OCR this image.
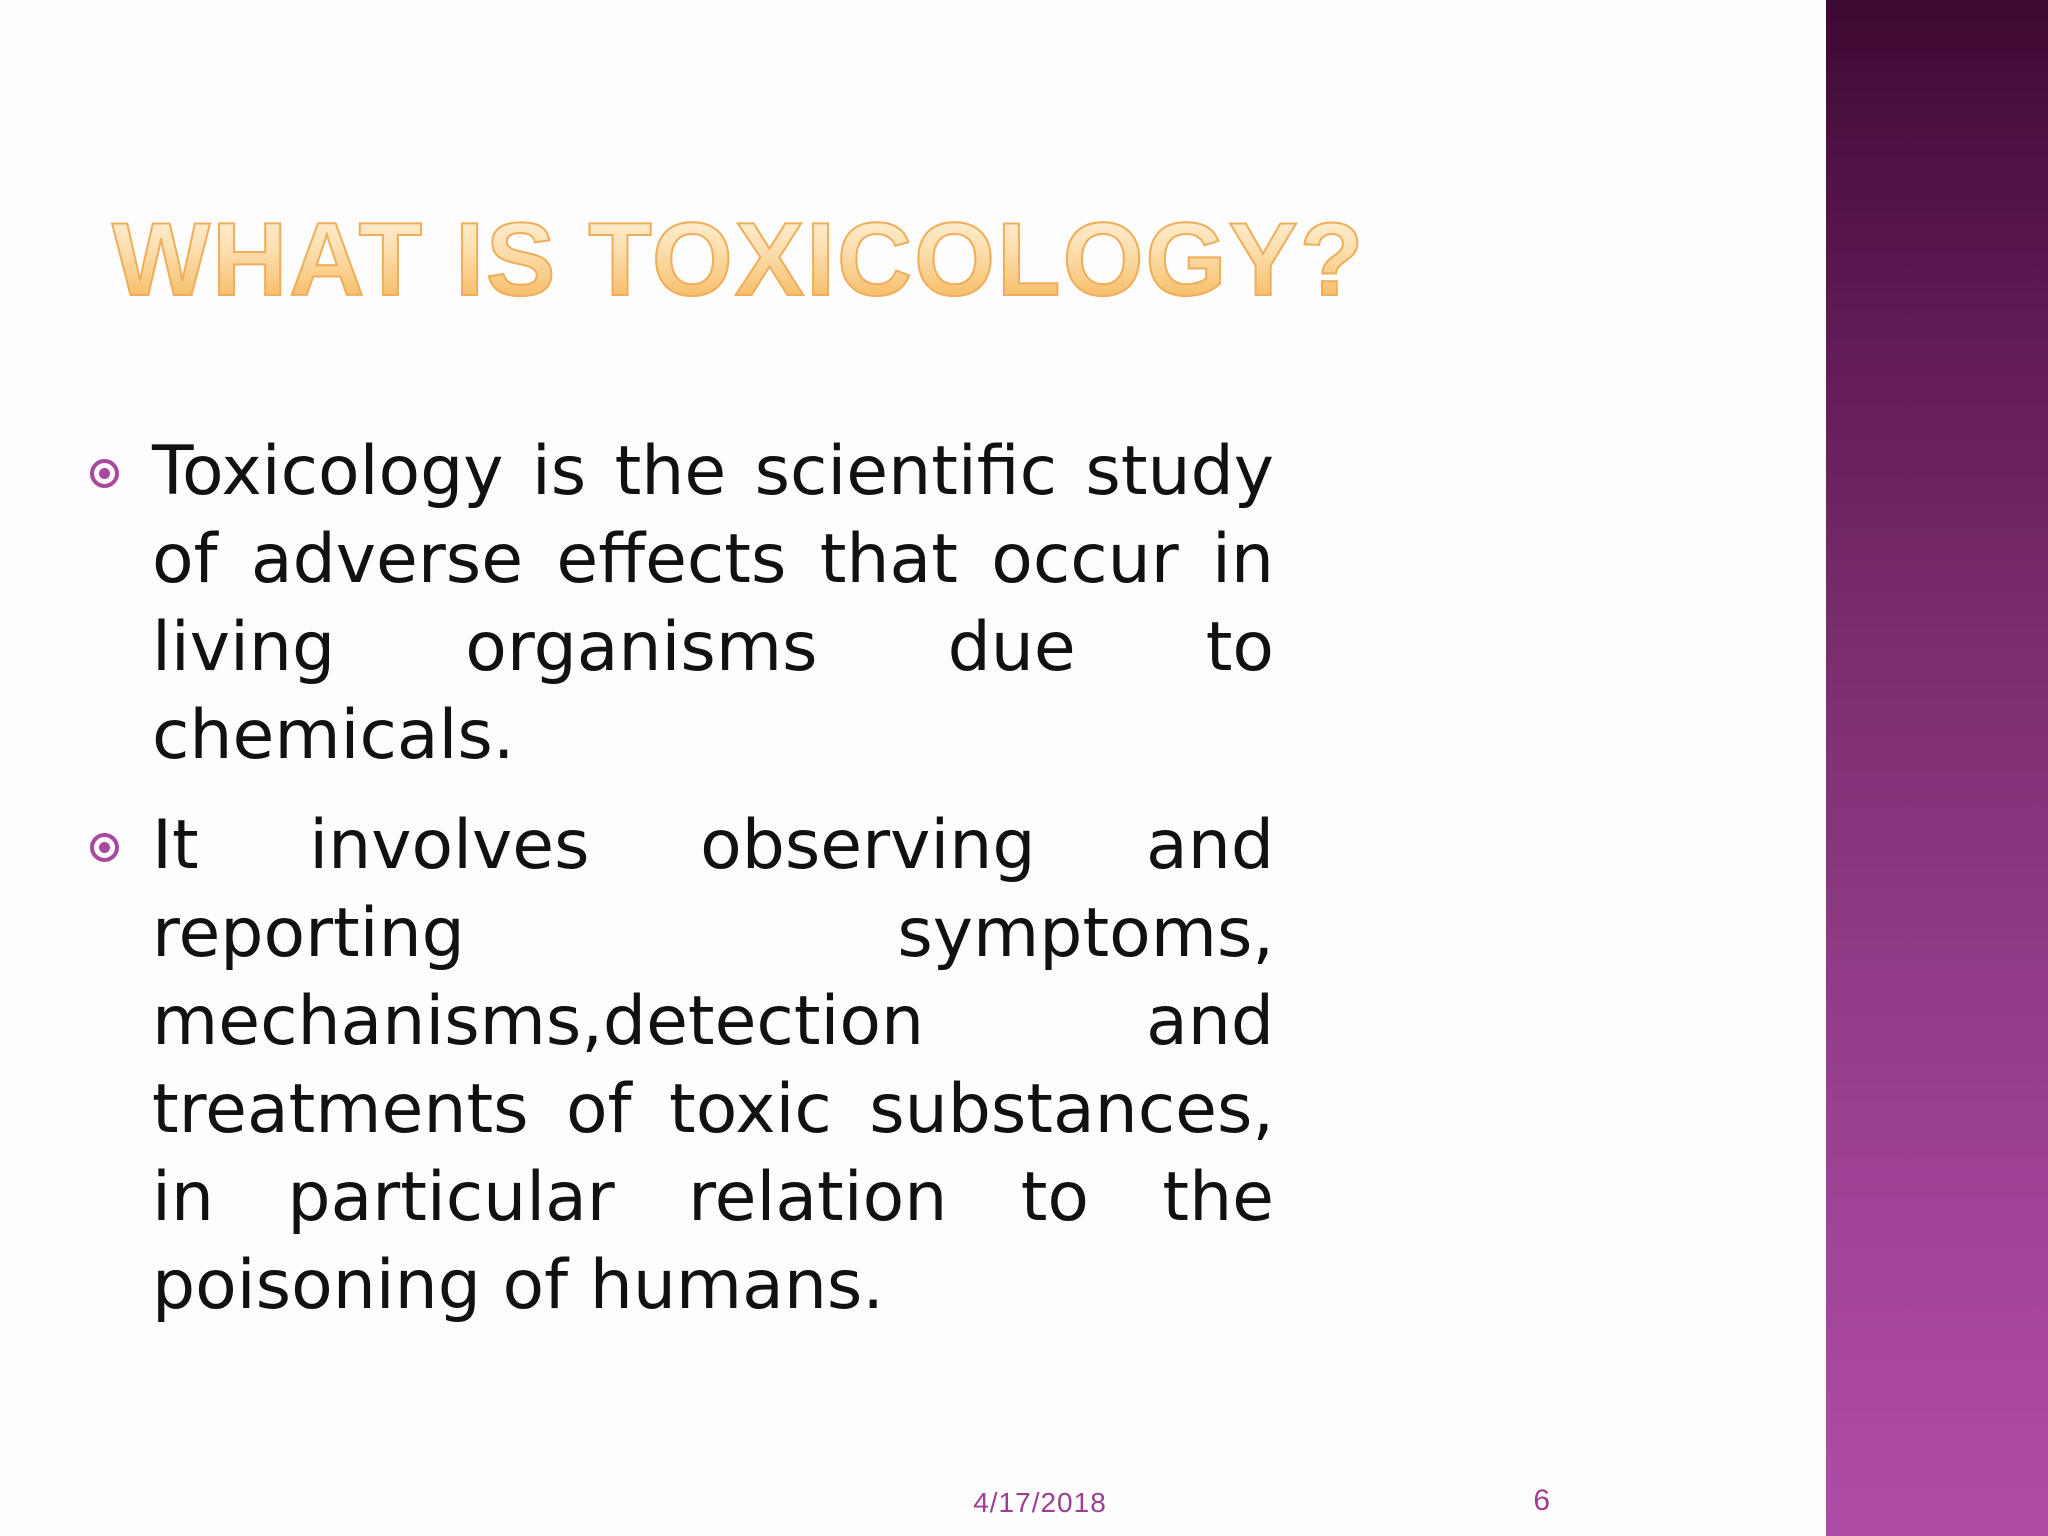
WHAT IS TOXICOLOGY?
Toxicology is the scientific study of adverse effects that occur in living organisms due to chemicals.
It involves observing and reporting symptoms, mechanisms,detection and treatments of toxic substances, in particular relation to the poisoning of humans.
4/17/2018	6
